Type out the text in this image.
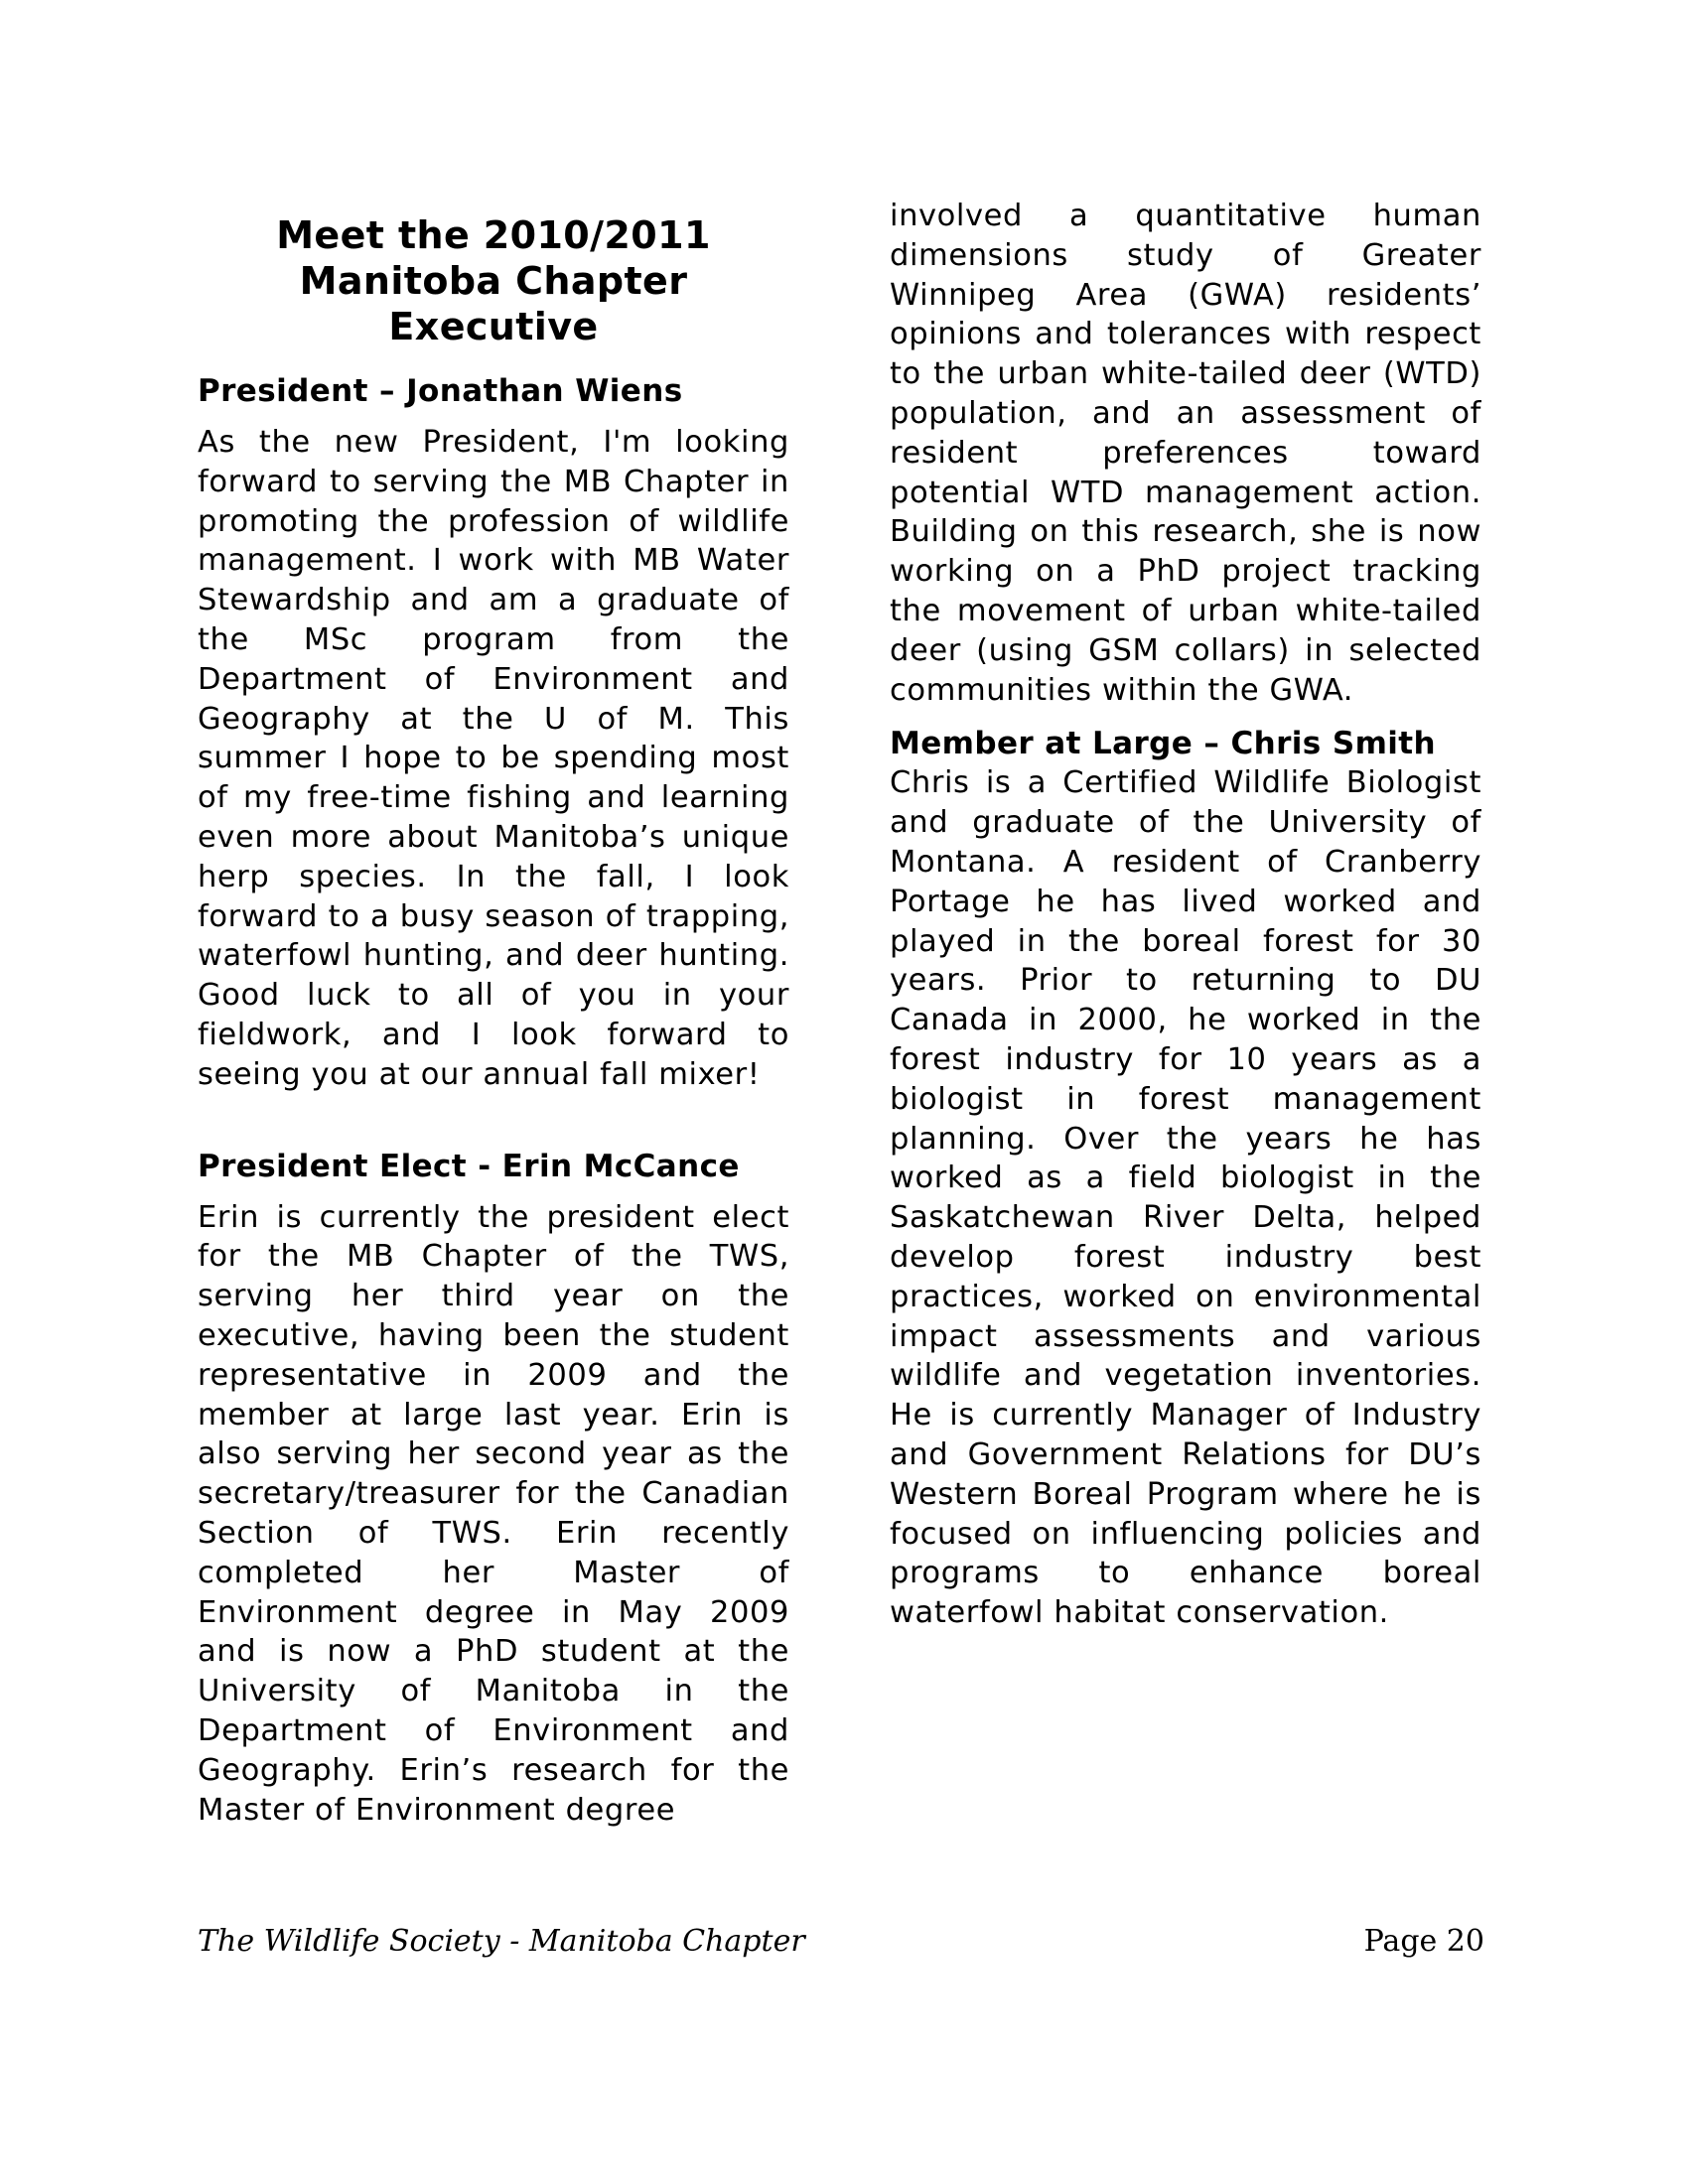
Meet the 2010/2011 Manitoba Chapter Executive
President – Jonathan Wiens

As the new President, I'm looking forward to serving the MB Chapter in promoting the profession of wildlife management. I work with MB Water Stewardship and am a graduate of the MSc program from the Department of Environment and Geography at the U of M. This summer I hope to be spending most of my free-time fishing and learning even more about Manitoba’s unique herp species. In the fall, I look forward to a busy season of trapping, waterfowl hunting, and deer hunting. Good luck to all of you in your fieldwork, and I look forward to seeing you at our annual fall mixer!

President Elect - Erin McCance

Erin is currently the president elect for the MB Chapter of the TWS, serving her third year on the executive, having been the student representative in 2009 and the member at large last year. Erin is also serving her second year as the secretary/treasurer for the Canadian Section of TWS. Erin recently completed her Master of Environment degree in May 2009 and is now a PhD student at the University of Manitoba in the Department of Environment and Geography. Erin’s research for the Master of Environment degree

involved a quantitative human dimensions study of Greater Winnipeg Area (GWA) residents’ opinions and tolerances with respect to the urban white-tailed deer (WTD) population, and an assessment of resident preferences toward potential WTD management action. Building on this research, she is now working on a PhD project tracking the movement of urban white-tailed deer (using GSM collars) in selected communities within the GWA.

Member at Large – Chris Smith

Chris is a Certified Wildlife Biologist and graduate of the University of Montana. A resident of Cranberry Portage he has lived worked and played in the boreal forest for 30 years. Prior to returning to DU Canada in 2000, he worked in the forest industry for 10 years as a biologist in forest management planning. Over the years he has worked as a field biologist in the Saskatchewan River Delta, helped develop forest industry best practices, worked on environmental impact assessments and various wildlife and vegetation inventories. He is currently Manager of Industry and Government Relations for DU’s Western Boreal Program where he is focused on influencing policies and programs to enhance boreal waterfowl habitat conservation.

The Wildlife Society - Manitoba Chapter	Page 20
